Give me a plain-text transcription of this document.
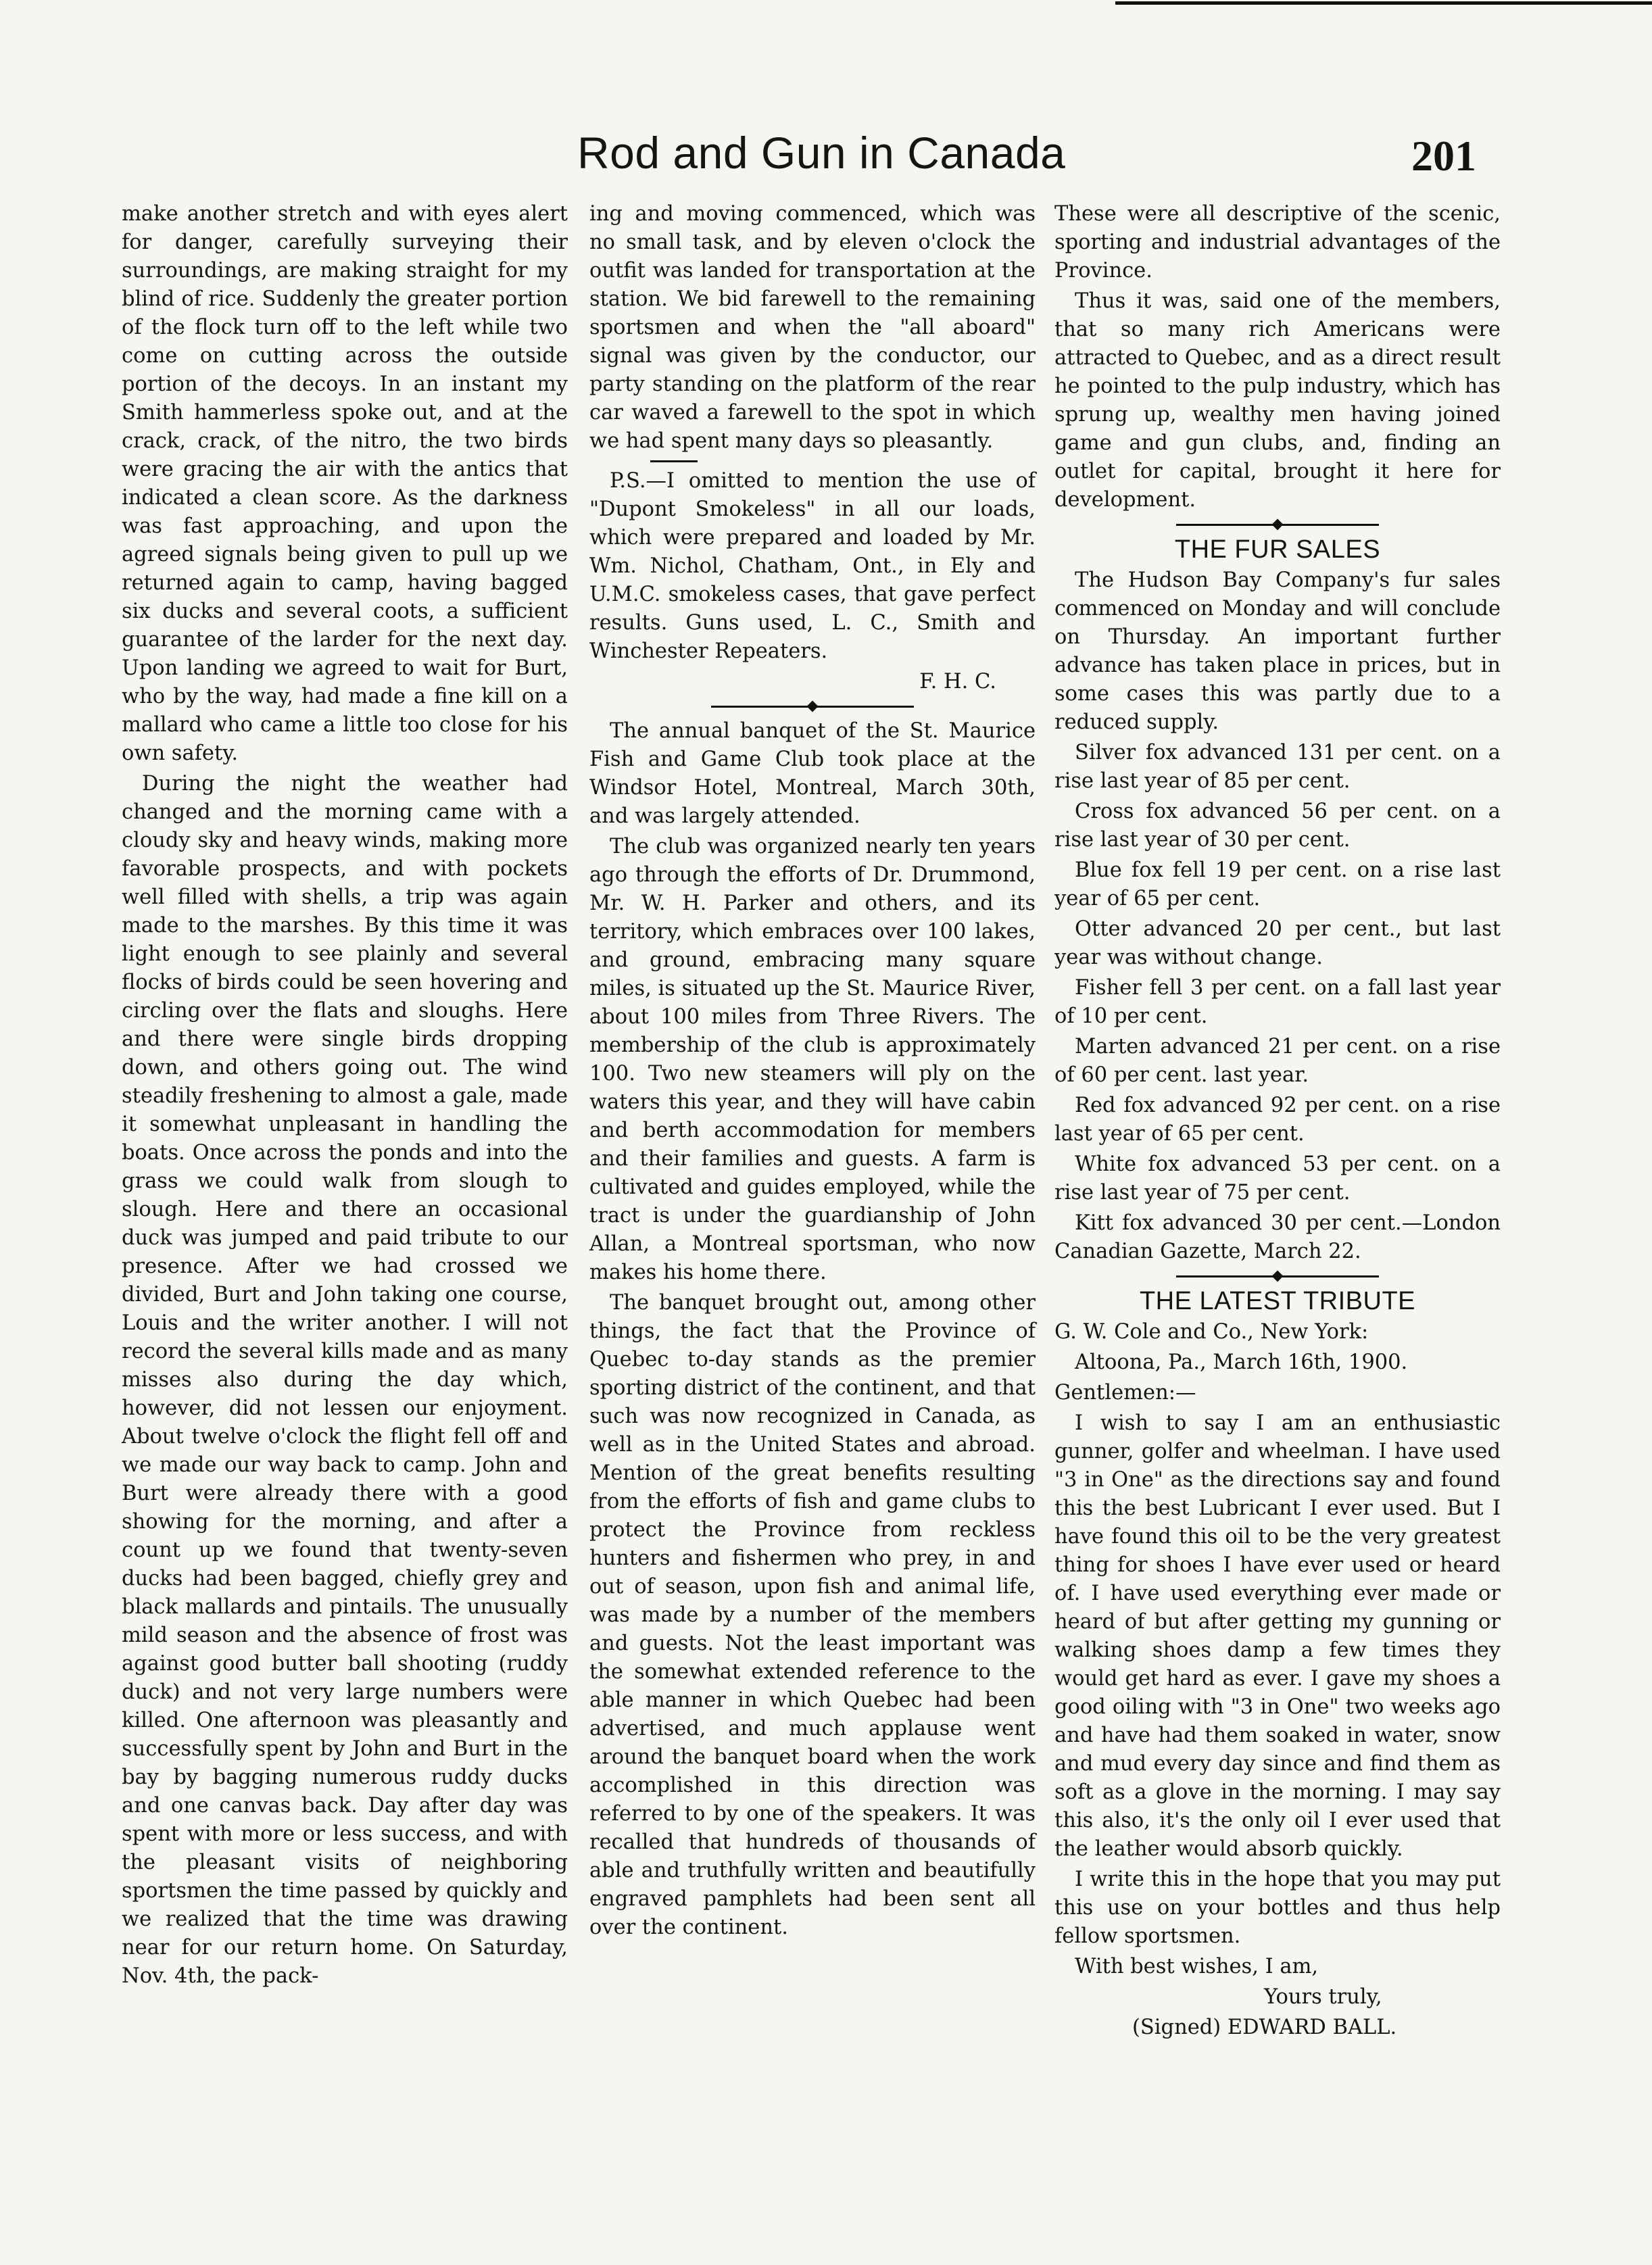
Rod and Gun in Canada	201

make another stretch and with eyes alert for danger, carefully surveying their surroundings, are making straight for my blind of rice. Suddenly the greater portion of the flock turn off to the left while two come on cutting across the outside portion of the decoys. In an instant my Smith hammerless spoke out, and at the crack, crack, of the nitro, the two birds were gracing the air with the antics that indicated a clean score. As the darkness was fast approaching, and upon the agreed signals being given to pull up we returned again to camp, having bagged six ducks and several coots, a sufficient guarantee of the larder for the next day. Upon landing we agreed to wait for Burt, who by the way, had made a fine kill on a mallard who came a little too close for his own safety.

During the night the weather had changed and the morning came with a cloudy sky and heavy winds, making more favorable prospects, and with pockets well filled with shells, a trip was again made to the marshes. By this time it was light enough to see plainly and several flocks of birds could be seen hovering and circling over the flats and sloughs. Here and there were single birds dropping down, and others going out. The wind steadily freshening to almost a gale, made it somewhat unpleasant in handling the boats. Once across the ponds and into the grass we could walk from slough to slough. Here and there an occasional duck was jumped and paid tribute to our presence. After we had crossed we divided, Burt and John taking one course, Louis and the writer another. I will not record the several kills made and as many misses also during the day which, however, did not lessen our enjoyment. About twelve o'clock the flight fell off and we made our way back to camp. John and Burt were already there with a good showing for the morning, and after a count up we found that twenty-seven ducks had been bagged, chiefly grey and black mallards and pintails. The unusually mild season and the absence of frost was against good butter ball shooting (ruddy duck) and not very large numbers were killed. One afternoon was pleasantly and successfully spent by John and Burt in the bay by bagging numerous ruddy ducks and one canvas back. Day after day was spent with more or less success, and with the pleasant visits of neighboring sportsmen the time passed by quickly and we realized that the time was drawing near for our return home. On Saturday, Nov. 4th, the pack-

ing and moving commenced, which was no small task, and by eleven o'clock the outfit was landed for transportation at the station. We bid farewell to the remaining sportsmen and when the "all aboard" signal was given by the conductor, our party standing on the platform of the rear car waved a farewell to the spot in which we had spent many days so pleasantly.

P.S.—I omitted to mention the use of "Dupont Smokeless" in all our loads, which were prepared and loaded by Mr. Wm. Nichol, Chatham, Ont., in Ely and U.M.C. smokeless cases, that gave perfect results. Guns used, L. C., Smith and Winchester Repeaters.

F. H. C.

The annual banquet of the St. Maurice Fish and Game Club took place at the Windsor Hotel, Montreal, March 30th, and was largely attended.

The club was organized nearly ten years ago through the efforts of Dr. Drummond, Mr. W. H. Parker and others, and its territory, which embraces over 100 lakes, and ground, embracing many square miles, is situated up the St. Maurice River, about 100 miles from Three Rivers. The membership of the club is approximately 100. Two new steamers will ply on the waters this year, and they will have cabin and berth accommodation for members and their families and guests. A farm is cultivated and guides employed, while the tract is under the guardianship of John Allan, a Montreal sportsman, who now makes his home there.

The banquet brought out, among other things, the fact that the Province of Quebec to-day stands as the premier sporting district of the continent, and that such was now recognized in Canada, as well as in the United States and abroad. Mention of the great benefits resulting from the efforts of fish and game clubs to protect the Province from reckless hunters and fishermen who prey, in and out of season, upon fish and animal life, was made by a number of the members and guests. Not the least important was the somewhat extended reference to the able manner in which Quebec had been advertised, and much applause went around the banquet board when the work accomplished in this direction was referred to by one of the speakers. It was recalled that hundreds of thousands of able and truthfully written and beautifully engraved pamphlets had been sent all over the continent.

These were all descriptive of the scenic, sporting and industrial advantages of the Province.

Thus it was, said one of the members, that so many rich Americans were attracted to Quebec, and as a direct result he pointed to the pulp industry, which has sprung up, wealthy men having joined game and gun clubs, and, finding an outlet for capital, brought it here for development.

THE FUR SALES

The Hudson Bay Company's fur sales commenced on Monday and will conclude on Thursday. An important further advance has taken place in prices, but in some cases this was partly due to a reduced supply.

Silver fox advanced 131 per cent. on a rise last year of 85 per cent.

Cross fox advanced 56 per cent. on a rise last year of 30 per cent.

Blue fox fell 19 per cent. on a rise last year of 65 per cent.

Otter advanced 20 per cent., but last year was without change.

Fisher fell 3 per cent. on a fall last year of 10 per cent.

Marten advanced 21 per cent. on a rise of 60 per cent. last year.

Red fox advanced 92 per cent. on a rise last year of 65 per cent.

White fox advanced 53 per cent. on a rise last year of 75 per cent.

Kitt fox advanced 30 per cent.—London Canadian Gazette, March 22.

THE LATEST TRIBUTE

G. W. Cole and Co., New York:

Altoona, Pa., March 16th, 1900.

Gentlemen:—

I wish to say I am an enthusiastic gunner, golfer and wheelman. I have used "3 in One" as the directions say and found this the best Lubricant I ever used. But I have found this oil to be the very greatest thing for shoes I have ever used or heard of. I have used everything ever made or heard of but after getting my gunning or walking shoes damp a few times they would get hard as ever. I gave my shoes a good oiling with "3 in One" two weeks ago and have had them soaked in water, snow and mud every day since and find them as soft as a glove in the morning. I may say this also, it's the only oil I ever used that the leather would absorb quickly.

I write this in the hope that you may put this use on your bottles and thus help fellow sportsmen.

With best wishes, I am,

Yours truly,

(Signed) EDWARD BALL.
